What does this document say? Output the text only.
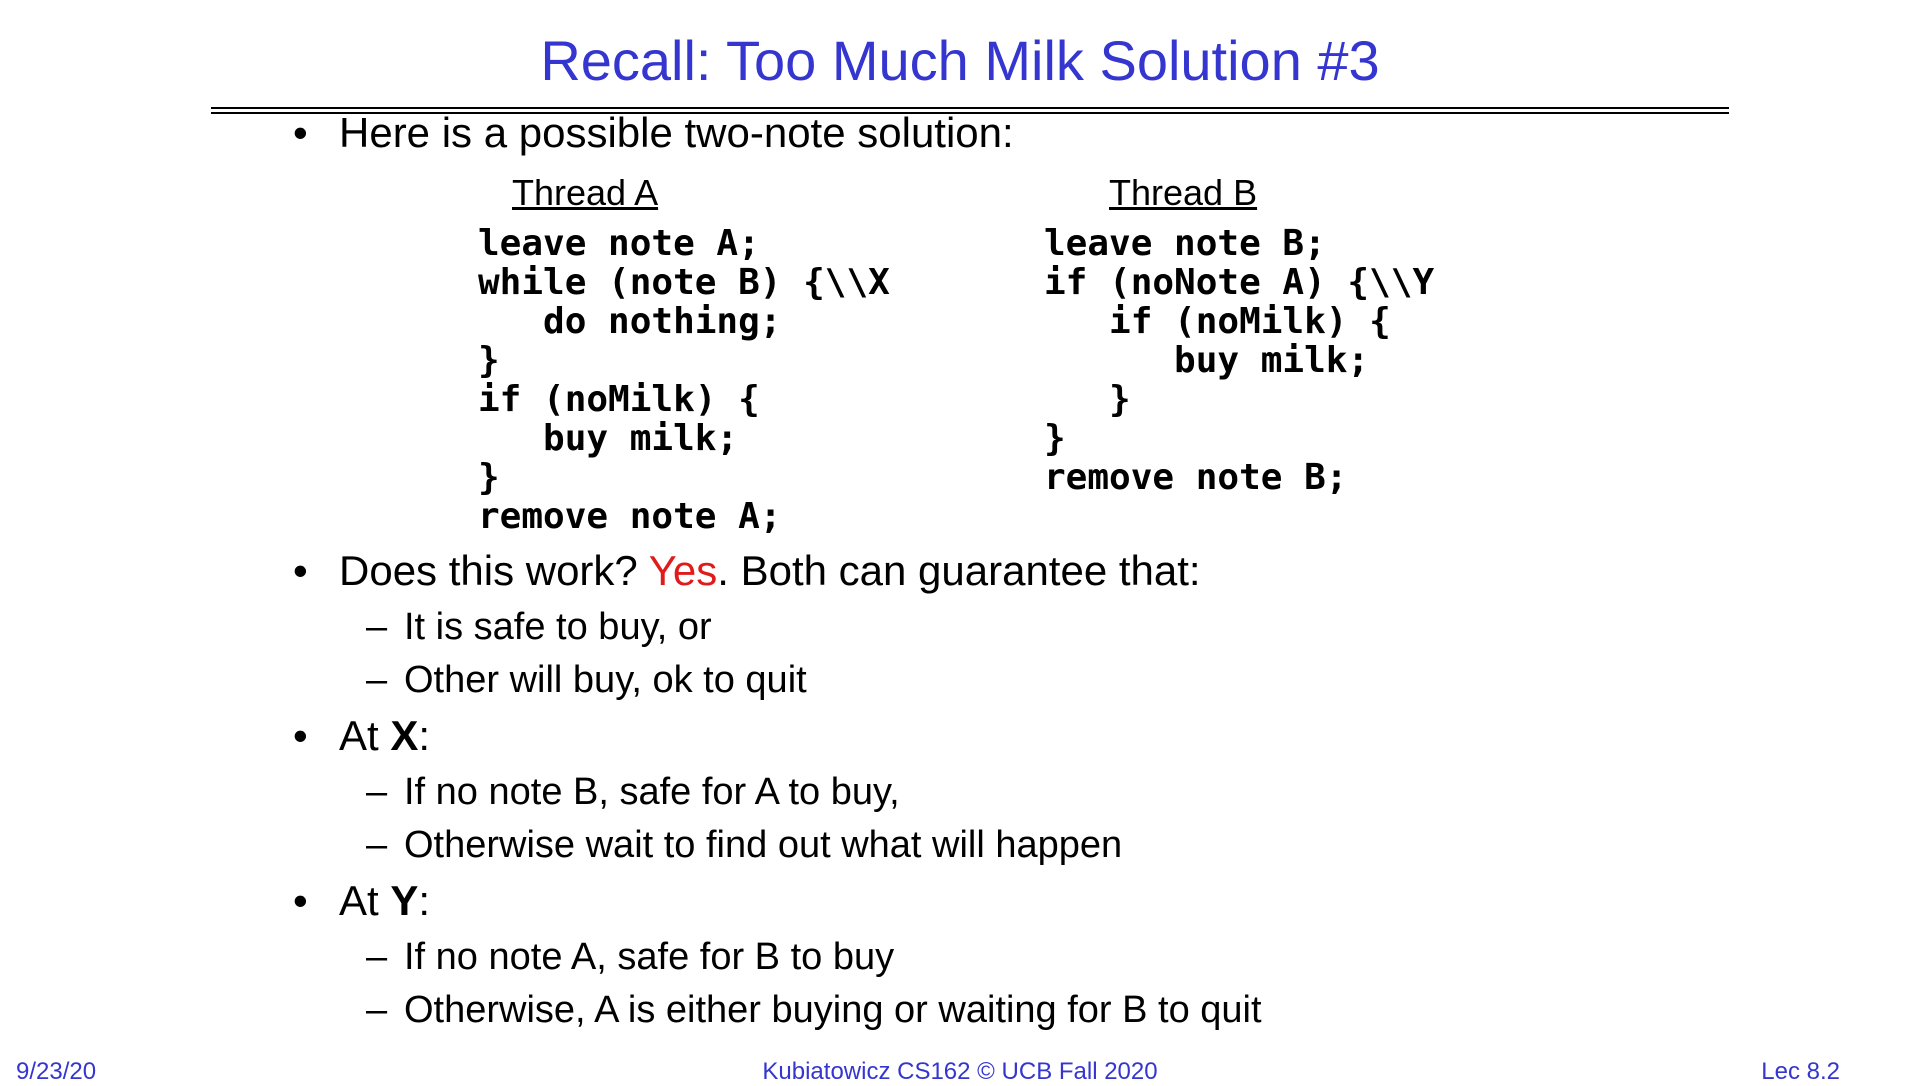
Recall: Too Much Milk Solution #3
• Here is a possible two-note solution:
Thread A	Thread B
leave note A;
while (note B) {\\X
do nothing;
}
if (noMilk) {
buy milk;
}
remove note A;
leave note B;
if (noNote A) {\\Y
if (noMilk) {
buy milk;
}
}
remove note B;
• Does this work? Yes. Both can guarantee that:
– It is safe to buy, or
– Other will buy, ok to quit
• At X:
– If no note B, safe for A to buy,
– Otherwise wait to find out what will happen
• At Y:
– If no note A, safe for B to buy
– Otherwise, A is either buying or waiting for B to quit
9/23/20	Kubiatowicz CS162 © UCB Fall 2020	Lec 8.2
